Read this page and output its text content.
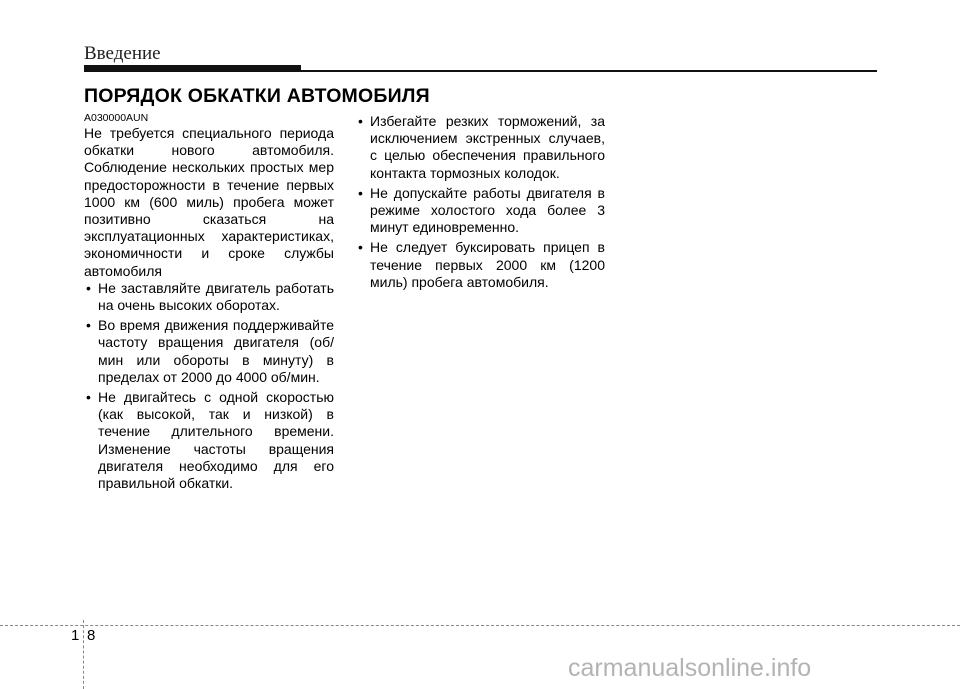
Введение
ПОРЯДОК ОБКАТКИ АВТОМОБИЛЯ
A030000AUN

Не требуется специального периода обкатки нового автомобиля. Соблюдение нескольких простых мер предосторожности в течение первых 1000 км (600 миль) пробега может позитивно сказаться на эксплуатационных характеристиках, экономичности и сроке службы автомобиля

• Не заставляйте двигатель работать на очень высоких оборотах.
• Во время движения поддерживайте частоту вращения двигателя (об/мин или обороты в минуту) в пределах от 2000 до 4000 об/мин.
• Не двигайтесь с одной скоростью (как высокой, так и низкой) в течение длительного времени. Изменение частоты вращения двигателя необходимо для его правильной обкатки.
• Избегайте резких торможений, за исключением экстренных случаев, с целью обеспечения правильного контакта тормозных колодок.
• Не допускайте работы двигателя в режиме холостого хода более 3 минут единовременно.
• Не следует буксировать прицеп в течение первых 2000 км (1200 миль) пробега автомобиля.
1 8
carmanualsonline.info
